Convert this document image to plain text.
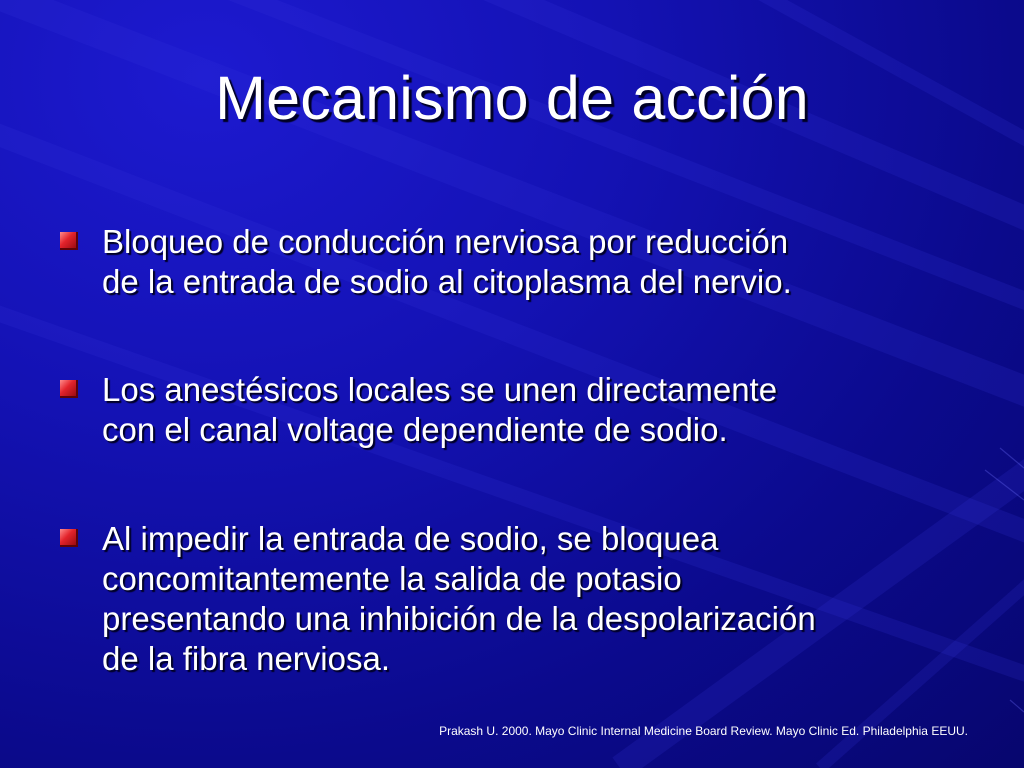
Mecanismo de acción
Bloqueo de conducción nerviosa por reducción
de la entrada de sodio al citoplasma del nervio.
Los anestésicos locales se unen directamente
con el canal voltage dependiente de sodio.
Al impedir la entrada de sodio, se bloquea
concomitantemente la salida de potasio
presentando una inhibición de la despolarización
de la fibra nerviosa.
Prakash U. 2000. Mayo Clinic Internal Medicine Board Review. Mayo Clinic Ed. Philadelphia EEUU.
